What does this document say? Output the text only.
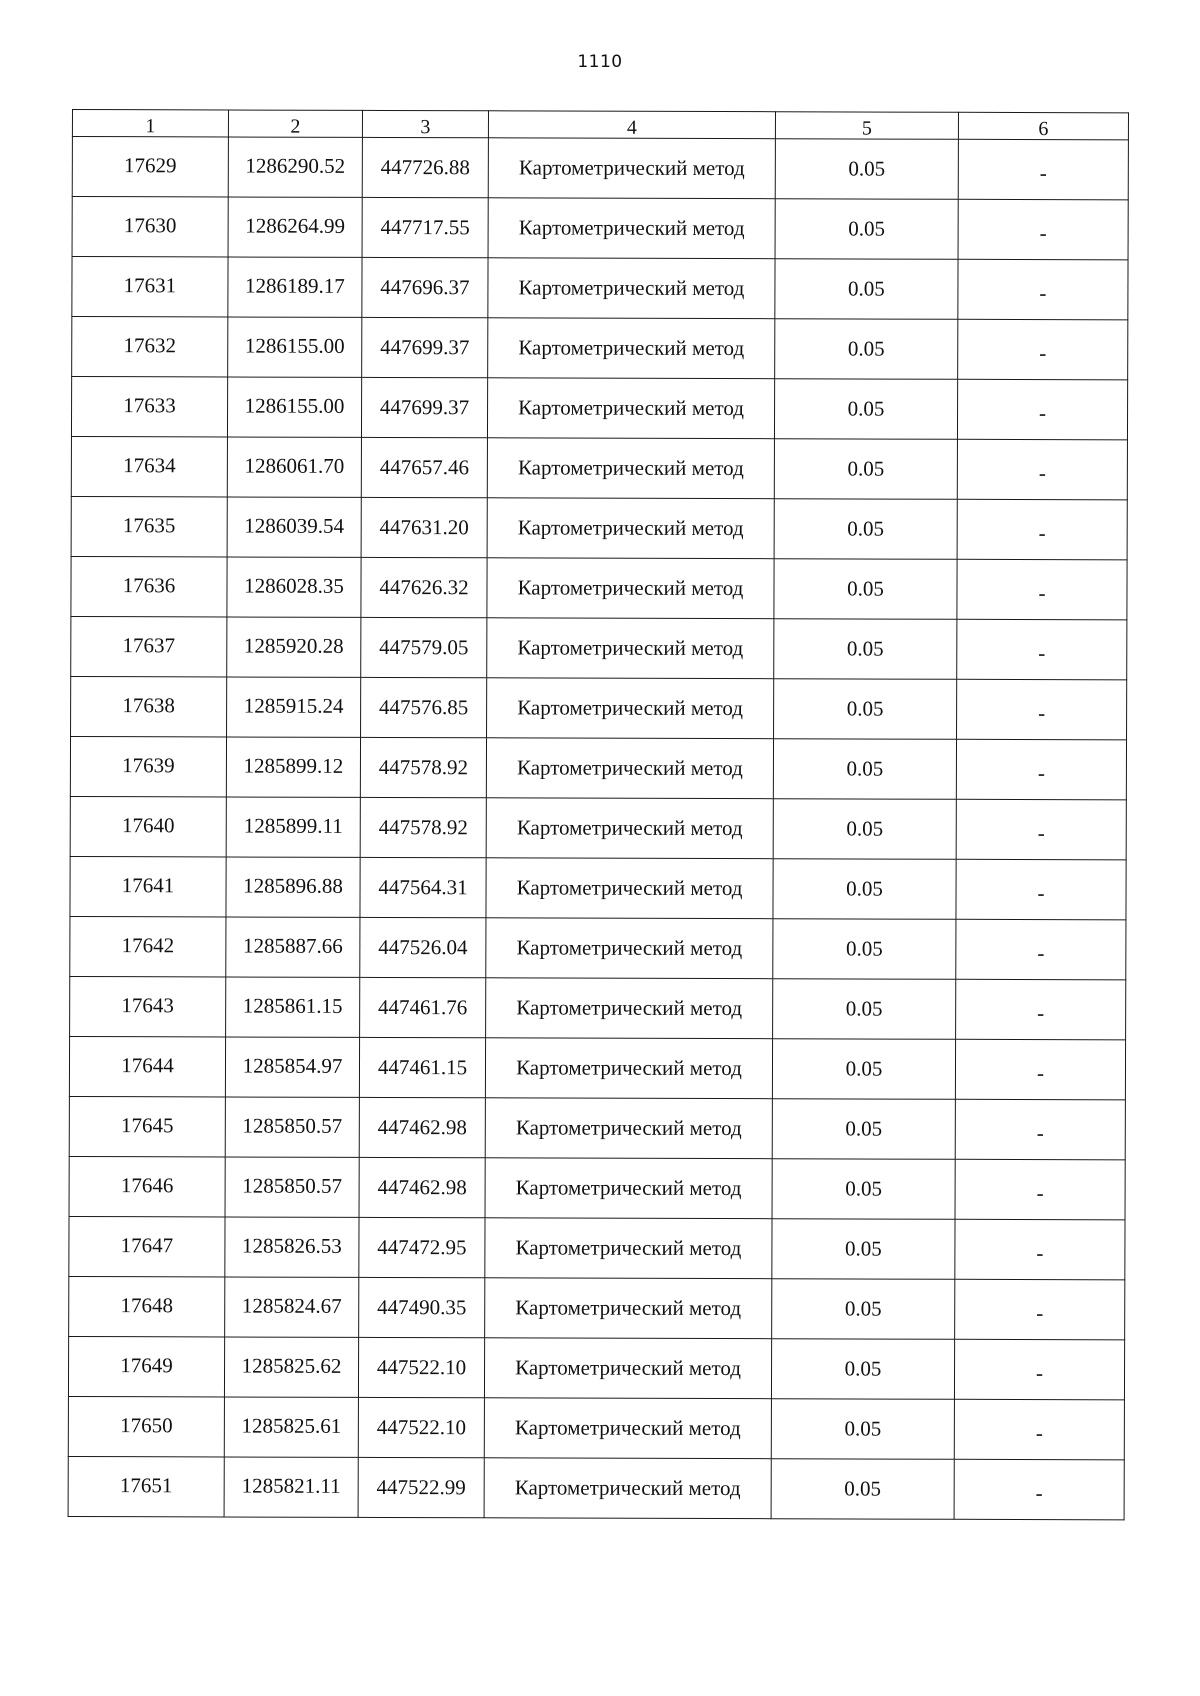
1110
1	2	3	4	5	6
17629	1286290.52	447726.88	Картометрический метод	0.05	-
17630	1286264.99	447717.55	Картометрический метод	0.05	-
17631	1286189.17	447696.37	Картометрический метод	0.05	-
17632	1286155.00	447699.37	Картометрический метод	0.05	-
17633	1286155.00	447699.37	Картометрический метод	0.05	-
17634	1286061.70	447657.46	Картометрический метод	0.05	-
17635	1286039.54	447631.20	Картометрический метод	0.05	-
17636	1286028.35	447626.32	Картометрический метод	0.05	-
17637	1285920.28	447579.05	Картометрический метод	0.05	-
17638	1285915.24	447576.85	Картометрический метод	0.05	-
17639	1285899.12	447578.92	Картометрический метод	0.05	-
17640	1285899.11	447578.92	Картометрический метод	0.05	-
17641	1285896.88	447564.31	Картометрический метод	0.05	-
17642	1285887.66	447526.04	Картометрический метод	0.05	-
17643	1285861.15	447461.76	Картометрический метод	0.05	-
17644	1285854.97	447461.15	Картометрический метод	0.05	-
17645	1285850.57	447462.98	Картометрический метод	0.05	-
17646	1285850.57	447462.98	Картометрический метод	0.05	-
17647	1285826.53	447472.95	Картометрический метод	0.05	-
17648	1285824.67	447490.35	Картометрический метод	0.05	-
17649	1285825.62	447522.10	Картометрический метод	0.05	-
17650	1285825.61	447522.10	Картометрический метод	0.05	-
17651	1285821.11	447522.99	Картометрический метод	0.05	-
